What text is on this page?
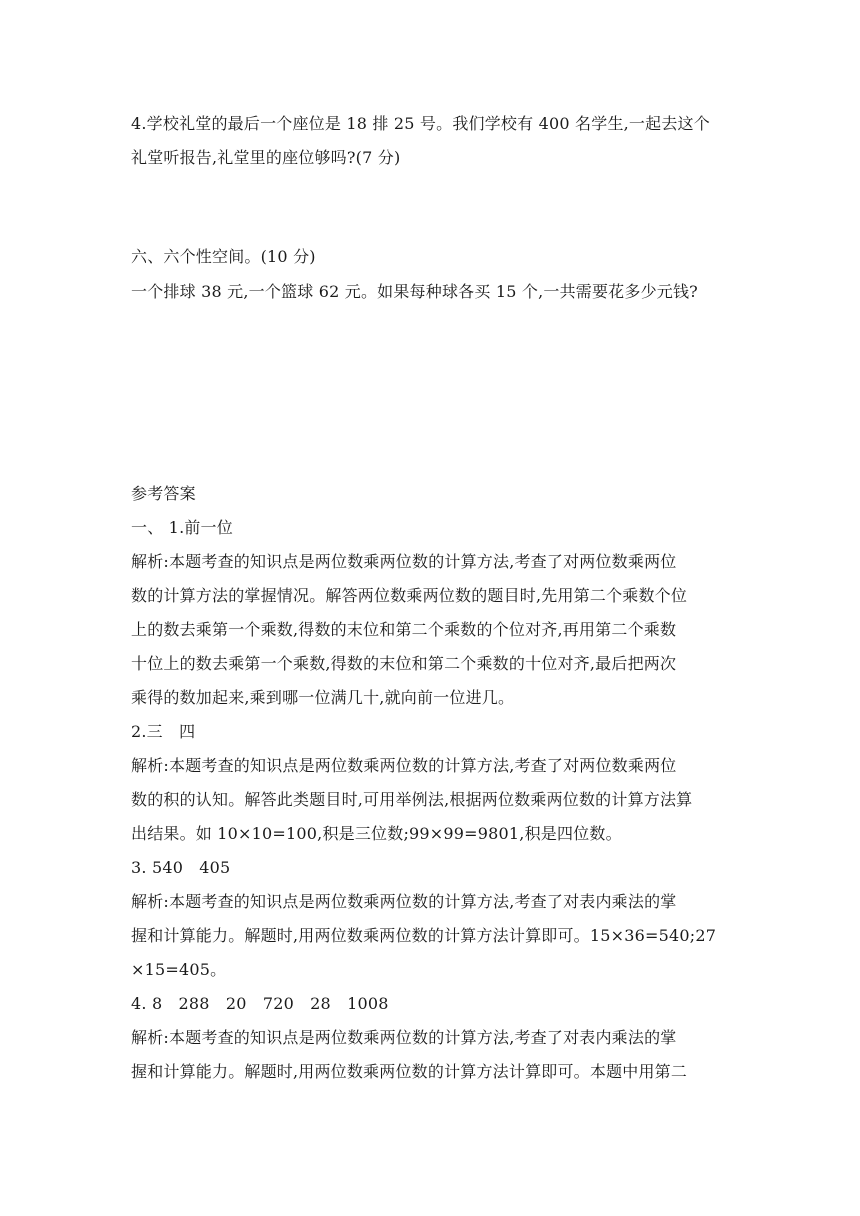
4.学校礼堂的最后一个座位是 18 排 25 号。我们学校有 400 名学生,一起去这个
礼堂听报告,礼堂里的座位够吗?(7 分)
六、六个性空间。(10 分)
一个排球 38 元,一个篮球 62 元。如果每种球各买 15 个,一共需要花多少元钱?
参考答案
一、 1.前一位
解析:本题考查的知识点是两位数乘两位数的计算方法,考查了对两位数乘两位
数的计算方法的掌握情况。解答两位数乘两位数的题目时,先用第二个乘数个位
上的数去乘第一个乘数,得数的末位和第二个乘数的个位对齐,再用第二个乘数
十位上的数去乘第一个乘数,得数的末位和第二个乘数的十位对齐,最后把两次
乘得的数加起来,乘到哪一位满几十,就向前一位进几。
2.三　四
解析:本题考查的知识点是两位数乘两位数的计算方法,考查了对两位数乘两位
数的积的认知。解答此类题目时,可用举例法,根据两位数乘两位数的计算方法算
出结果。如 10×10=100,积是三位数;99×99=9801,积是四位数。
3. 540　405
解析:本题考查的知识点是两位数乘两位数的计算方法,考查了对表内乘法的掌
握和计算能力。解题时,用两位数乘两位数的计算方法计算即可。15×36=540;27
×15=405。
4. 8　288　20　720　28　1008
解析:本题考查的知识点是两位数乘两位数的计算方法,考查了对表内乘法的掌
握和计算能力。解题时,用两位数乘两位数的计算方法计算即可。本题中用第二
